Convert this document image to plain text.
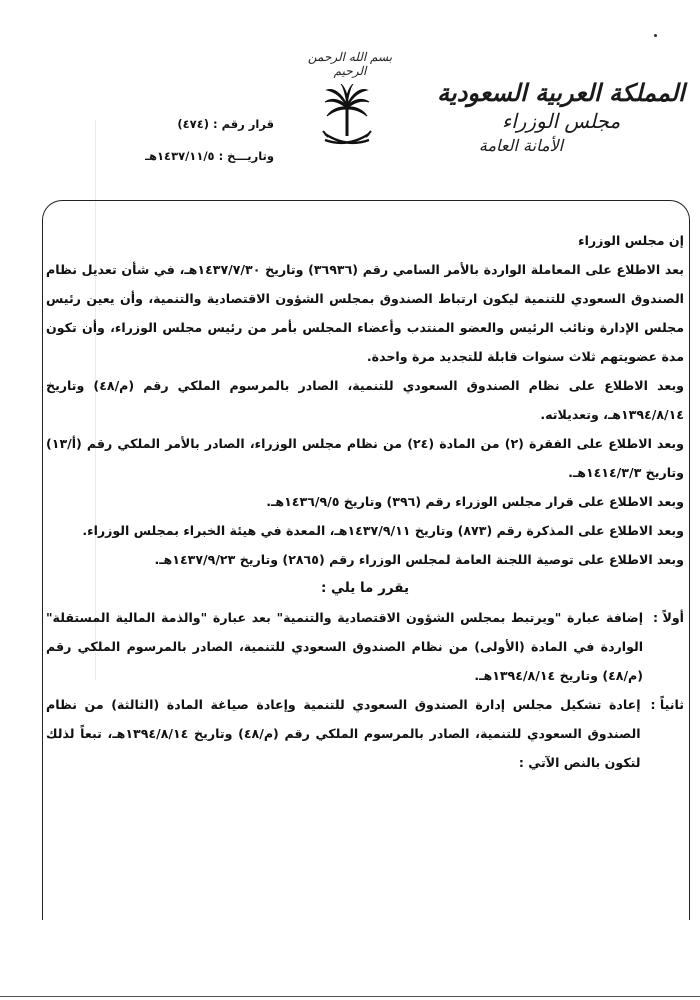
المملكة العربية السعودية
مجلس الوزراء
الأمانة العامة
بسم الله الرحمن الرحيم
قرار رقم : (٤٧٤)
وتاريـــخ : ١٤٣٧/١١/٥هـ

إن مجلس الوزراء

بعد الاطلاع على المعاملة الواردة بالأمر السامي رقم (٣٦٩٣٦) وتاريخ ١٤٣٧/٧/٣٠هـ، في شأن تعديل نظام الصندوق السعودي للتنمية ليكون ارتباط الصندوق بمجلس الشؤون الاقتصادية والتنمية، وأن يعين رئيس مجلس الإدارة ونائب الرئيس والعضو المنتدب وأعضاء المجلس بأمر من رئيس مجلس الوزراء، وأن تكون مدة عضويتهم ثلاث سنوات قابلة للتجديد مرة واحدة.

وبعد الاطلاع على نظام الصندوق السعودي للتنمية، الصادر بالمرسوم الملكي رقم (م/٤٨) وتاريخ ١٣٩٤/٨/١٤هـ، وتعديلاته.

وبعد الاطلاع على الفقرة (٢) من المادة (٢٤) من نظام مجلس الوزراء، الصادر بالأمر الملكي رقم (أ/١٣) وتاريخ ١٤١٤/٣/٣هـ.

وبعد الاطلاع على قرار مجلس الوزراء رقم (٣٩٦) وتاريخ ١٤٣٦/٩/٥هـ.

وبعد الاطلاع على المذكرة رقم (٨٧٣) وتاريخ ١٤٣٧/٩/١١هـ، المعدة في هيئة الخبراء بمجلس الوزراء.

وبعد الاطلاع على توصية اللجنة العامة لمجلس الوزراء رقم (٢٨٦٥) وتاريخ ١٤٣٧/٩/٢٣هـ.

يقرر ما يلي :

أولاً :
إضافة عبارة "ويرتبط بمجلس الشؤون الاقتصادية والتنمية" بعد عبارة "والذمة المالية المستقلة" الواردة في المادة (الأولى) من نظام الصندوق السعودي للتنمية، الصادر بالمرسوم الملكي رقم (م/٤٨) وتاريخ ١٣٩٤/٨/١٤هـ.
ثانياً :
إعادة تشكيل مجلس إدارة الصندوق السعودي للتنمية وإعادة صياغة المادة (الثالثة) من نظام الصندوق السعودي للتنمية، الصادر بالمرسوم الملكي رقم (م/٤٨) وتاريخ ١٣٩٤/٨/١٤هـ، تبعاً لذلك لتكون بالنص الآتي :
